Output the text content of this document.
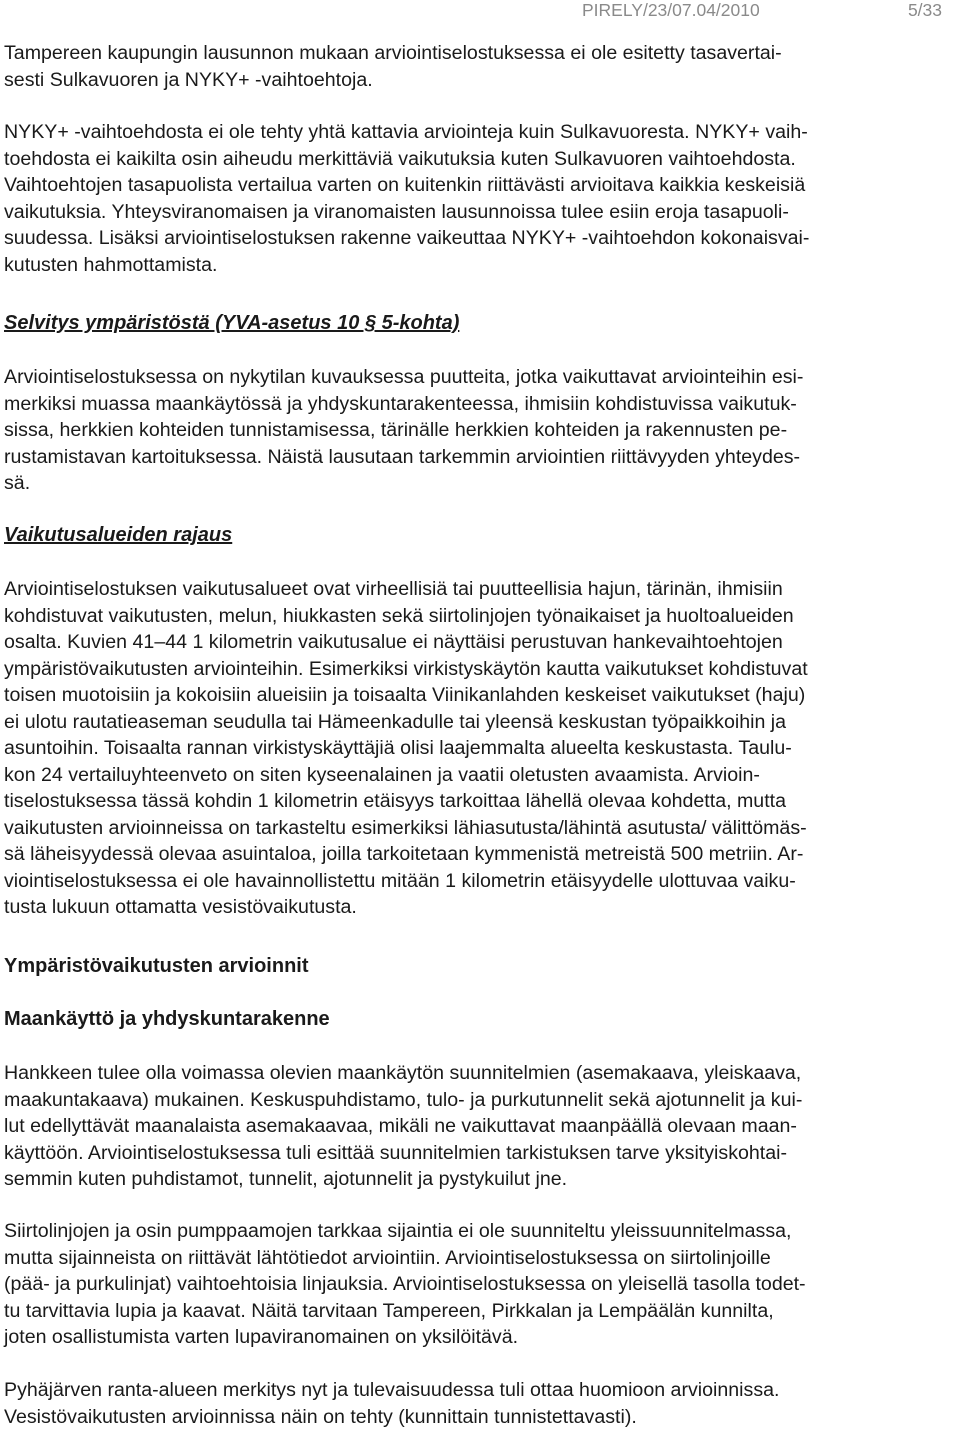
PIRELY/23/07.04/2010	5/33

Tampereen kaupungin lausunnon mukaan arviointiselostuksessa ei ole esitetty tasavertai-

sesti Sulkavuoren ja NYKY+ -vaihtoehtoja.

NYKY+ -vaihtoehdosta ei ole tehty yhtä kattavia arviointeja kuin Sulkavuoresta. NYKY+ vaih-

toehdosta ei kaikilta osin aiheudu merkittäviä vaikutuksia kuten Sulkavuoren vaihtoehdosta.

Vaihtoehtojen tasapuolista vertailua varten on kuitenkin riittävästi arvioitava kaikkia keskeisiä

vaikutuksia. Yhteysviranomaisen ja viranomaisten lausunnoissa tulee esiin eroja tasapuoli-

suudessa. Lisäksi arviointiselostuksen rakenne vaikeuttaa NYKY+ -vaihtoehdon kokonaisvai-

kutusten hahmottamista.

Selvitys ympäristöstä (YVA-asetus 10 § 5-kohta)

Arviointiselostuksessa on nykytilan kuvauksessa puutteita, jotka vaikuttavat arviointeihin esi-

merkiksi muassa maankäytössä ja yhdyskuntarakenteessa, ihmisiin kohdistuvissa vaikutuk-

sissa, herkkien kohteiden tunnistamisessa, tärinälle herkkien kohteiden ja rakennusten pe-

rustamistavan kartoituksessa. Näistä lausutaan tarkemmin arviointien riittävyyden yhteydes-

sä.

Vaikutusalueiden rajaus

Arviointiselostuksen vaikutusalueet ovat virheellisiä tai puutteellisia hajun, tärinän, ihmisiin

kohdistuvat vaikutusten, melun, hiukkasten sekä siirtolinjojen työnaikaiset ja huoltoalueiden

osalta. Kuvien 41–44 1 kilometrin vaikutusalue ei näyttäisi perustuvan hankevaihtoehtojen

ympäristövaikutusten arviointeihin. Esimerkiksi virkistyskäytön kautta vaikutukset kohdistuvat

toisen muotoisiin ja kokoisiin alueisiin ja toisaalta Viinikanlahden keskeiset vaikutukset (haju)

ei ulotu rautatieaseman seudulla tai Hämeenkadulle tai yleensä keskustan työpaikkoihin ja

asuntoihin. Toisaalta rannan virkistyskäyttäjiä olisi laajemmalta alueelta keskustasta. Taulu-

kon 24 vertailuyhteenveto on siten kyseenalainen ja vaatii oletusten avaamista. Arvioin-

tiselostuksessa tässä kohdin 1 kilometrin etäisyys tarkoittaa lähellä olevaa kohdetta, mutta

vaikutusten arvioinneissa on tarkasteltu esimerkiksi lähiasutusta/lähintä asutusta/ välittömäs-

sä läheisyydessä olevaa asuintaloa, joilla tarkoitetaan kymmenistä metreistä 500 metriin. Ar-

viointiselostuksessa ei ole havainnollistettu mitään 1 kilometrin etäisyydelle ulottuvaa vaiku-

tusta lukuun ottamatta vesistövaikutusta.

Ympäristövaikutusten arvioinnit
Maankäyttö ja yhdyskuntarakenne

Hankkeen tulee olla voimassa olevien maankäytön suunnitelmien (asemakaava, yleiskaava,

maakuntakaava) mukainen. Keskuspuhdistamo, tulo- ja purkutunnelit sekä ajotunnelit ja kui-

lut edellyttävät maanalaista asemakaavaa, mikäli ne vaikuttavat maanpäällä olevaan maan-

käyttöön. Arviointiselostuksessa tuli esittää suunnitelmien tarkistuksen tarve yksityiskohtai-

semmin kuten puhdistamot, tunnelit, ajotunnelit ja pystykuilut jne.

Siirtolinjojen ja osin pumppaamojen tarkkaa sijaintia ei ole suunniteltu yleissuunnitelmassa,

mutta sijainneista on riittävät lähtötiedot arviointiin. Arviointiselostuksessa on siirtolinjoille

(pää- ja purkulinjat) vaihtoehtoisia linjauksia. Arviointiselostuksessa on yleisellä tasolla todet-

tu tarvittavia lupia ja kaavat. Näitä tarvitaan Tampereen, Pirkkalan ja Lempäälän kunnilta,

joten osallistumista varten lupaviranomainen on yksilöitävä.

Pyhäjärven ranta-alueen merkitys nyt ja tulevaisuudessa tuli ottaa huomioon arvioinnissa.

Vesistövaikutusten arvioinnissa näin on tehty (kunnittain tunnistettavasti).
